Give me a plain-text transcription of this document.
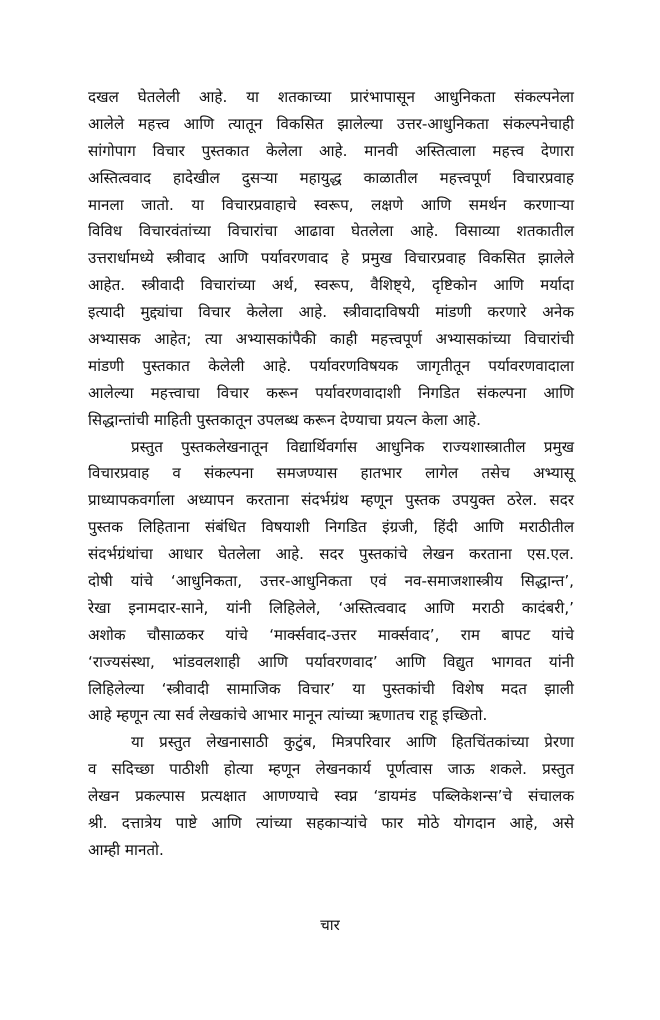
दखल घेतलेली आहे. या शतकाच्या प्रारंभापासून आधुनिकता संकल्पनेला
आलेले महत्त्व आणि त्यातून विकसित झालेल्या उत्तर-आधुनिकता संकल्पनेचाही
सांगोपाग विचार पुस्तकात केलेला आहे. मानवी अस्तित्वाला महत्त्व देणारा
अस्तित्ववाद हादेखील दुसऱ्या महायुद्ध काळातील महत्त्वपूर्ण विचारप्रवाह
मानला जातो. या विचारप्रवाहाचे स्वरूप, लक्षणे आणि समर्थन करणाऱ्या
विविध विचारवंतांच्या विचारांचा आढावा घेतलेला आहे. विसाव्या शतकातील
उत्तरार्धामध्ये स्त्रीवाद आणि पर्यावरणवाद हे प्रमुख विचारप्रवाह विकसित झालेले
आहेत. स्त्रीवादी विचारांच्या अर्थ, स्वरूप, वैशिष्ट्ये, दृष्टिकोन आणि मर्यादा
इत्यादी मुद्द्यांचा विचार केलेला आहे. स्त्रीवादाविषयी मांडणी करणारे अनेक
अभ्यासक आहेत; त्या अभ्यासकांपैकी काही महत्त्वपूर्ण अभ्यासकांच्या विचारांची
मांडणी पुस्तकात केलेली आहे. पर्यावरणविषयक जागृतीतून पर्यावरणवादाला
आलेल्या महत्त्वाचा विचार करून पर्यावरणवादाशी निगडित संकल्पना आणि
सिद्धान्तांची माहिती पुस्तकातून उपलब्ध करून देण्याचा प्रयत्न केला आहे.
प्रस्तुत पुस्तकलेखनातून विद्यार्थिवर्गास आधुनिक राज्यशास्त्रातील प्रमुख
विचारप्रवाह व संकल्पना समजण्यास हातभार लागेल तसेच अभ्यासू
प्राध्यापकवर्गाला अध्यापन करताना संदर्भग्रंथ म्हणून पुस्तक उपयुक्त ठरेल. सदर
पुस्तक लिहिताना संबंधित विषयाशी निगडित इंग्रजी, हिंदी आणि मराठीतील
संदर्भग्रंथांचा आधार घेतलेला आहे. सदर पुस्तकांचे लेखन करताना एस.एल.
दोषी यांचे ‘आधुनिकता, उत्तर-आधुनिकता एवं नव-समाजशास्त्रीय सिद्धान्त’,
रेखा इनामदार-साने, यांनी लिहिलेले, ‘अस्तित्ववाद आणि मराठी कादंबरी,’
अशोक चौसाळकर यांचे ‘मार्क्सवाद-उत्तर मार्क्सवाद’, राम बापट यांचे
‘राज्यसंस्था, भांडवलशाही आणि पर्यावरणवाद’ आणि विद्युत भागवत यांनी
लिहिलेल्या ‘स्त्रीवादी सामाजिक विचार’ या पुस्तकांची विशेष मदत झाली
आहे म्हणून त्या सर्व लेखकांचे आभार मानून त्यांच्या ऋणातच राहू इच्छितो.
या प्रस्तुत लेखनासाठी कुटुंब, मित्रपरिवार आणि हितचिंतकांच्या प्रेरणा
व सदिच्छा पाठीशी होत्या म्हणून लेखनकार्य पूर्णत्वास जाऊ शकले. प्रस्तुत
लेखन प्रकल्पास प्रत्यक्षात आणण्याचे स्वप्न ‘डायमंड पब्लिकेशन्स’चे संचालक
श्री. दत्तात्रेय पाष्टे आणि त्यांच्या सहकाऱ्यांचे फार मोठे योगदान आहे, असे
आम्ही मानतो.
चार
